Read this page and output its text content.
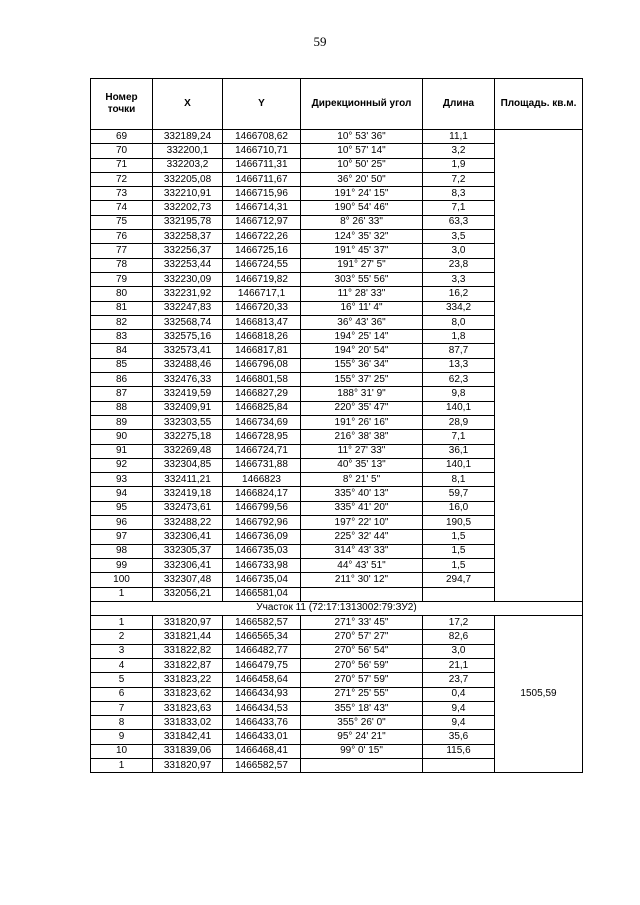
59
Номер точки	X	Y	Дирекционный угол	Длина	Площадь. кв.м.
69	332189,24	1466708,62	10° 53' 36"	11,1	
70	332200,1	1466710,71	10° 57' 14"	3,2	
71	332203,2	1466711,31	10° 50' 25"	1,9	
72	332205,08	1466711,67	36° 20' 50"	7,2	
73	332210,91	1466715,96	191° 24' 15"	8,3	
74	332202,73	1466714,31	190° 54' 46"	7,1	
75	332195,78	1466712,97	8° 26' 33"	63,3	
76	332258,37	1466722,26	124° 35' 32"	3,5	
77	332256,37	1466725,16	191° 45' 37"	3,0	
78	332253,44	1466724,55	191° 27' 5"	23,8	
79	332230,09	1466719,82	303° 55' 56"	3,3	
80	332231,92	1466717,1	11° 28' 33"	16,2	
81	332247,83	1466720,33	16° 11' 4"	334,2	
82	332568,74	1466813,47	36° 43' 36"	8,0	
83	332575,16	1466818,26	194° 25' 14"	1,8	
84	332573,41	1466817,81	194° 20' 54"	87,7	
85	332488,46	1466796,08	155° 36' 34"	13,3	
86	332476,33	1466801,58	155° 37' 25"	62,3	
87	332419,59	1466827,29	188° 31' 9"	9,8	
88	332409,91	1466825,84	220° 35' 47"	140,1	
89	332303,55	1466734,69	191° 26' 16"	28,9	
90	332275,18	1466728,95	216° 38' 38"	7,1	
91	332269,48	1466724,71	11° 27' 33"	36,1	
92	332304,85	1466731,88	40° 35' 13"	140,1	
93	332411,21	1466823	8° 21' 5"	8,1	
94	332419,18	1466824,17	335° 40' 13"	59,7	
95	332473,61	1466799,56	335° 41' 20"	16,0	
96	332488,22	1466792,96	197° 22' 10"	190,5	
97	332306,41	1466736,09	225° 32' 44"	1,5	
98	332305,37	1466735,03	314° 43' 33"	1,5	
99	332306,41	1466733,98	44° 43' 51"	1,5	
100	332307,48	1466735,04	211° 30' 12"	294,7	
1	332056,21	1466581,04			
Участок 11 (72:17:1313002:79:ЗУ2)					
1	331820,97	1466582,57	271° 33' 45"	17,2	1505,59
2	331821,44	1466565,34	270° 57' 27"	82,6	
3	331822,82	1466482,77	270° 56' 54"	3,0	
4	331822,87	1466479,75	270° 56' 59"	21,1	
5	331823,22	1466458,64	270° 57' 59"	23,7	
6	331823,62	1466434,93	271° 25' 55"	0,4	
7	331823,63	1466434,53	355° 18' 43"	9,4	
8	331833,02	1466433,76	355° 26' 0"	9,4	
9	331842,41	1466433,01	95° 24' 21"	35,6	
10	331839,06	1466468,41	99° 0' 15"	115,6	
1	331820,97	1466582,57			
